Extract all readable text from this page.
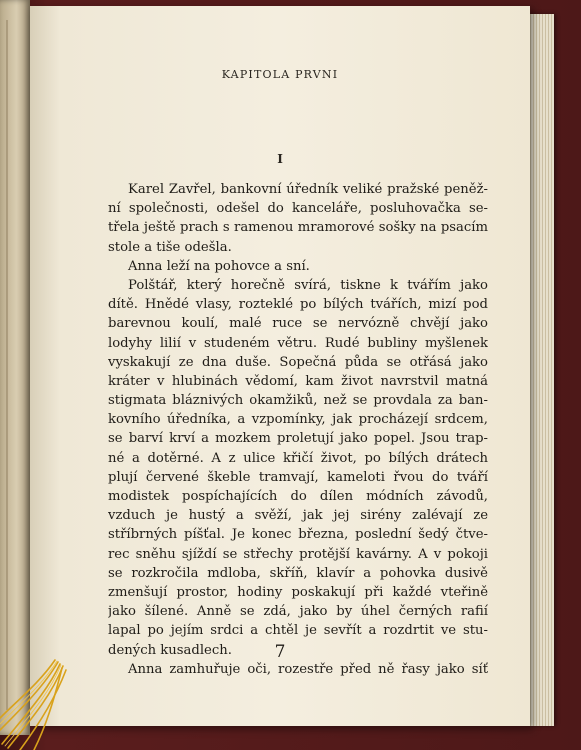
KAPITOLA PRVNI
I
Karel Zavřel, bankovní úředník veliké pražské peněž-
ní společnosti, odešel do kanceláře, posluhovačka se-
třela ještě prach s ramenou mramorové sošky na psacím
stole a tiše odešla.
Anna leží na pohovce a sní.
Polštář, který horečně svírá, tiskne k tvářím jako
dítě. Hnědé vlasy, rozteklé po bílých tvářích, mizí pod
barevnou koulí, malé ruce se nervózně chvějí jako
lodyhy lilií v studeném větru. Rudé bubliny myšlenek
vyskakují ze dna duše. Sopečná půda se otřásá jako
kráter v hlubinách vědomí, kam život navrstvil matná
stigmata bláznivých okamžiků, než se provdala za ban-
kovního úředníka, a vzpomínky, jak procházejí srdcem,
se barví krví a mozkem proletují jako popel. Jsou trap-
né a dotěrné. A z ulice křičí život, po bílých drátech
plují červené škeble tramvají, kameloti řvou do tváří
modistek pospíchajících do dílen módních závodů,
vzduch je hustý a svěží, jak jej sirény zalévají ze
stříbrných píšťal. Je konec března, poslední šedý čtve-
rec sněhu sjíždí se střechy protější kavárny. A v pokoji
se rozkročila mdloba, skříň, klavír a pohovka dusivě
zmenšují prostor, hodiny poskakují při každé vteřině
jako šílené. Anně se zdá, jako by úhel černých rafií
lapal po jejím srdci a chtěl je sevřít a rozdrtit ve stu-
dených kusadlech.
Anna zamhuřuje oči, rozestře před ně řasy jako síť
7
